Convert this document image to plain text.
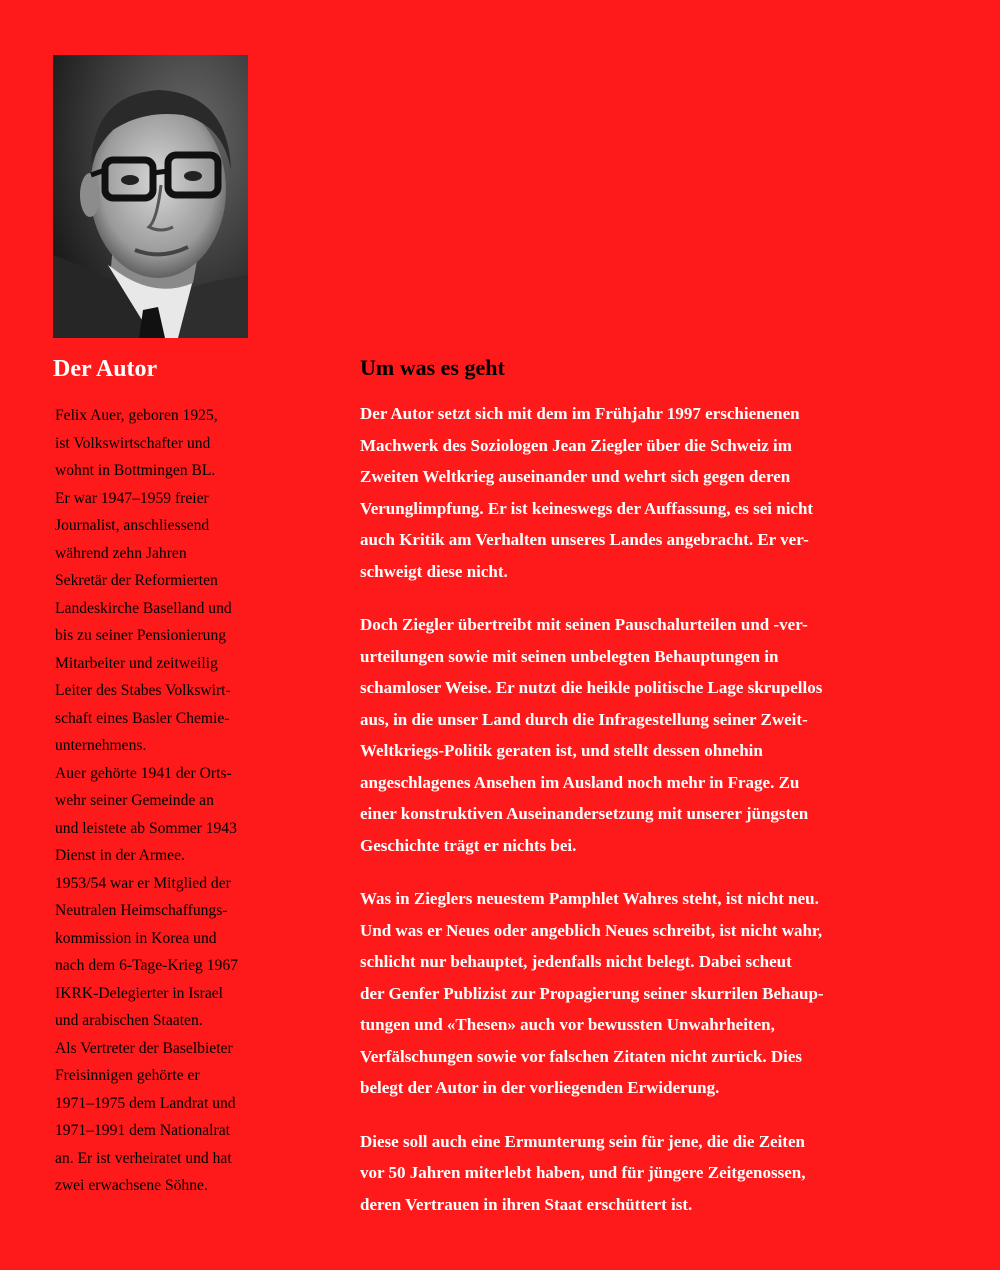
Der Autor
Felix Auer, geboren 1925,
ist Volkswirtschafter und
wohnt in Bottmingen BL.
Er war 1947–1959 freier
Journalist, anschliessend
während zehn Jahren
Sekretär der Reformierten
Landeskirche Baselland und
bis zu seiner Pensionierung
Mitarbeiter und zeitweilig
Leiter des Stabes Volkswirt-
schaft eines Basler Chemie-
unternehmens.
Auer gehörte 1941 der Orts-
wehr seiner Gemeinde an
und leistete ab Sommer 1943
Dienst in der Armee.
1953/54 war er Mitglied der
Neutralen Heimschaffungs-
kommission in Korea und
nach dem 6-Tage-Krieg 1967
IKRK-Delegierter in Israel
und arabischen Staaten.
Als Vertreter der Baselbieter
Freisinnigen gehörte er
1971–1975 dem Landrat und
1971–1991 dem Nationalrat
an. Er ist verheiratet und hat
zwei erwachsene Söhne.
Um was es geht

Der Autor setzt sich mit dem im Frühjahr 1997 erschienenen
Machwerk des Soziologen Jean Ziegler über die Schweiz im
Zweiten Weltkrieg auseinander und wehrt sich gegen deren
Verunglimpfung. Er ist keineswegs der Auffassung, es sei nicht
auch Kritik am Verhalten unseres Landes angebracht. Er ver-
schweigt diese nicht.

Doch Ziegler übertreibt mit seinen Pauschalurteilen und -ver-
urteilungen sowie mit seinen unbelegten Behauptungen in
schamloser Weise. Er nutzt die heikle politische Lage skrupellos
aus, in die unser Land durch die Infragestellung seiner Zweit-
Weltkriegs-Politik geraten ist, und stellt dessen ohnehin
angeschlagenes Ansehen im Ausland noch mehr in Frage. Zu
einer konstruktiven Auseinandersetzung mit unserer jüngsten
Geschichte trägt er nichts bei.

Was in Zieglers neuestem Pamphlet Wahres steht, ist nicht neu.
Und was er Neues oder angeblich Neues schreibt, ist nicht wahr,
schlicht nur behauptet, jedenfalls nicht belegt. Dabei scheut
der Genfer Publizist zur Propagierung seiner skurrilen Behaup-
tungen und «Thesen» auch vor bewussten Unwahrheiten,
Verfälschungen sowie vor falschen Zitaten nicht zurück. Dies
belegt der Autor in der vorliegenden Erwiderung.

Diese soll auch eine Ermunterung sein für jene, die die Zeiten
vor 50 Jahren miterlebt haben, und für jüngere Zeitgenossen,
deren Vertrauen in ihren Staat erschüttert ist.
